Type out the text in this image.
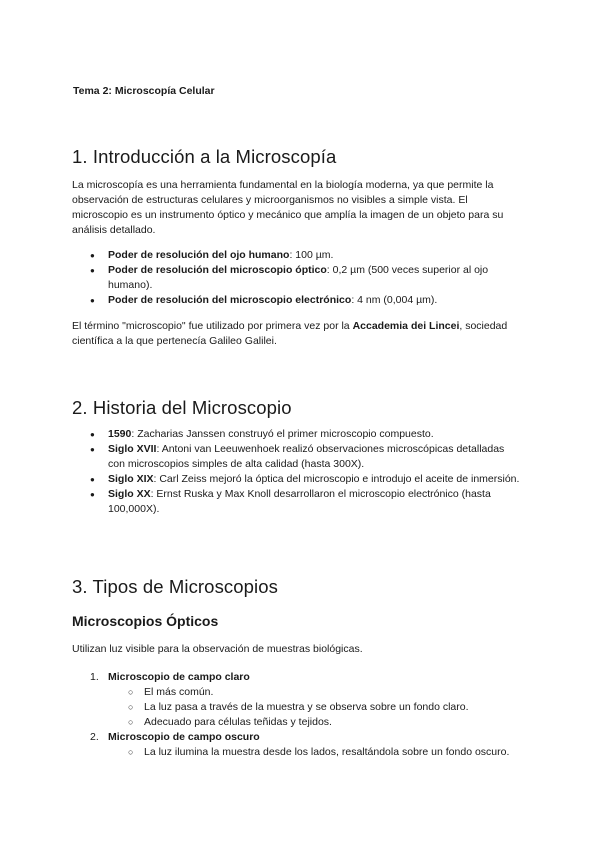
Tema 2: Microscopía Celular
1. Introducción a la Microscopía

La microscopía es una herramienta fundamental en la biología moderna, ya que permite la observación de estructuras celulares y microorganismos no visibles a simple vista. El microscopio es un instrumento óptico y mecánico que amplía la imagen de un objeto para su análisis detallado.

● Poder de resolución del ojo humano: 100 µm.
● Poder de resolución del microscopio óptico: 0,2 µm (500 veces superior al ojo humano).
● Poder de resolución del microscopio electrónico: 4 nm (0,004 µm).

El término "microscopio" fue utilizado por primera vez por la Accademia dei Lincei, sociedad científica a la que pertenecía Galileo Galilei.

2. Historia del Microscopio
● 1590: Zacharias Janssen construyó el primer microscopio compuesto.
● Siglo XVII: Antoni van Leeuwenhoek realizó observaciones microscópicas detalladas con microscopios simples de alta calidad (hasta 300X).
● Siglo XIX: Carl Zeiss mejoró la óptica del microscopio e introdujo el aceite de inmersión.
● Siglo XX: Ernst Ruska y Max Knoll desarrollaron el microscopio electrónico (hasta 100,000X).
3. Tipos de Microscopios
Microscopios Ópticos

Utilizan luz visible para la observación de muestras biológicas.

1. Microscopio de campo claro
○ El más común.
○ La luz pasa a través de la muestra y se observa sobre un fondo claro.
○ Adecuado para células teñidas y tejidos.
2. Microscopio de campo oscuro
○ La luz ilumina la muestra desde los lados, resaltándola sobre un fondo oscuro.
